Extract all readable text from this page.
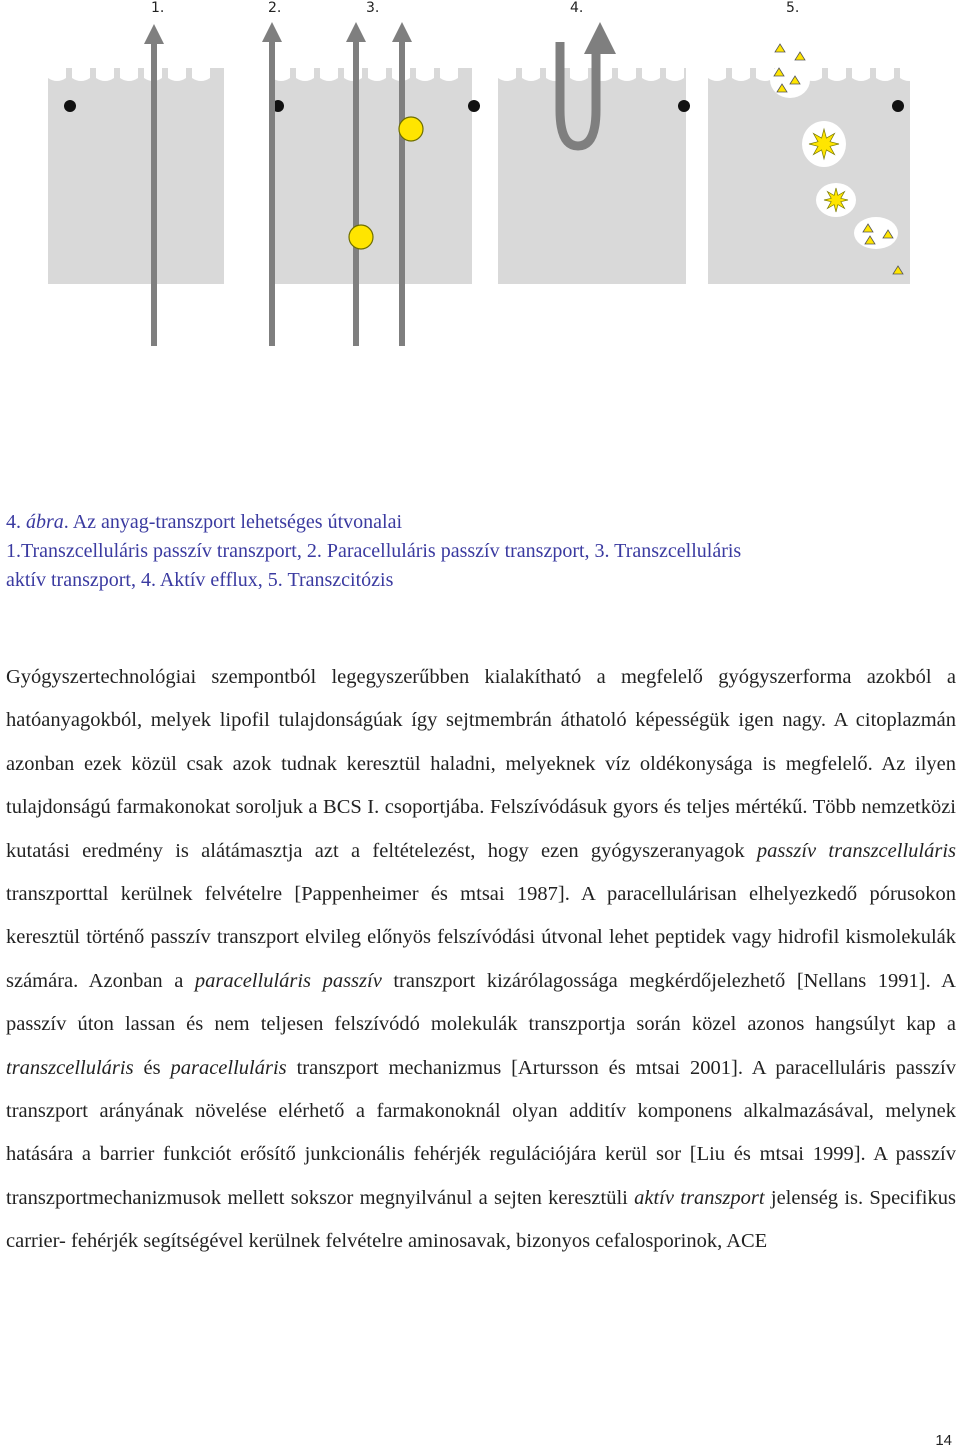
1.	2.	3.	4.	5.

4. ábra. Az anyag-transzport lehetséges útvonalai

1.Transzcelluláris passzív transzport, 2. Paracelluláris passzív transzport, 3. Transzcelluláris

aktív transzport, 4. Aktív efflux, 5. Transzcitózis

Gyógyszertechnológiai szempontból legegyszerűbben kialakítható a megfelelő gyógyszerforma azokból a hatóanyagokból, melyek lipofil tulajdonságúak így sejtmembrán áthatoló képességük igen nagy. A citoplazmán azonban ezek közül csak azok tudnak keresztül haladni, melyeknek víz oldékonysága is megfelelő. Az ilyen tulajdonságú farmakonokat soroljuk a BCS I. csoportjába. Felszívódásuk gyors és teljes mértékű. Több nemzetközi kutatási eredmény is alátámasztja azt a feltételezést, hogy ezen gyógyszeranyagok passzív transzcelluláris transzporttal kerülnek felvételre [Pappenheimer és mtsai 1987]. A paracellulárisan elhelyezkedő pórusokon keresztül történő passzív transzport elvileg előnyös felszívódási útvonal lehet peptidek vagy hidrofil kismolekulák számára. Azonban a paracelluláris passzív transzport kizárólagossága megkérdőjelezhető [Nellans 1991]. A passzív úton lassan és nem teljesen felszívódó molekulák transzportja során közel azonos hangsúlyt kap a transzcelluláris és paracelluláris transzport mechanizmus [Artursson és mtsai 2001]. A paracelluláris passzív transzport arányának növelése elérhető a farmakonoknál olyan additív komponens alkalmazásával, melynek hatására a barrier funkciót erősítő junkcionális fehérjék regulációjára kerül sor [Liu és mtsai 1999]. A passzív transzportmechanizmusok mellett sokszor megnyilvánul a sejten keresztüli aktív transzport jelenség is. Specifikus carrier- fehérjék segítségével kerülnek felvételre aminosavak, bizonyos cefalosporinok, ACE

14
